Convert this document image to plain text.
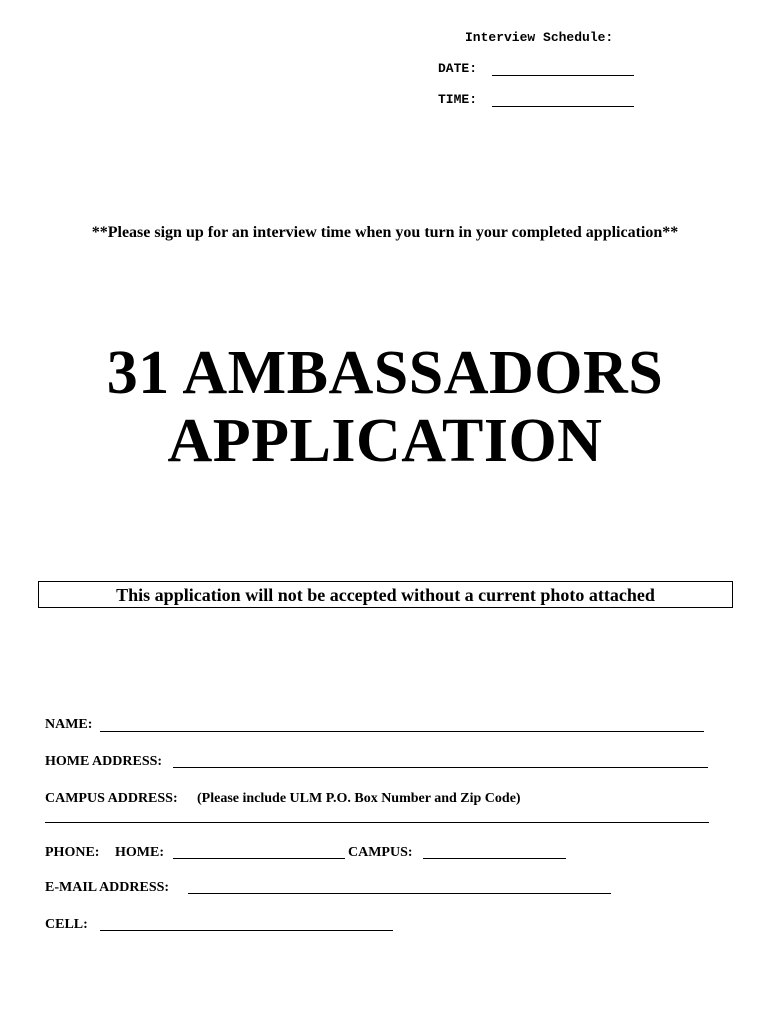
Interview Schedule:
DATE:
TIME:
**Please sign up for an interview time when you turn in your completed application**
31 AMBASSADORS
APPLICATION
This application will not be accepted without a current photo attached
NAME:
HOME ADDRESS:
CAMPUS ADDRESS: (Please include ULM P.O. Box Number and Zip Code)
PHONE: HOME:	CAMPUS:
E-MAIL ADDRESS:
CELL:
